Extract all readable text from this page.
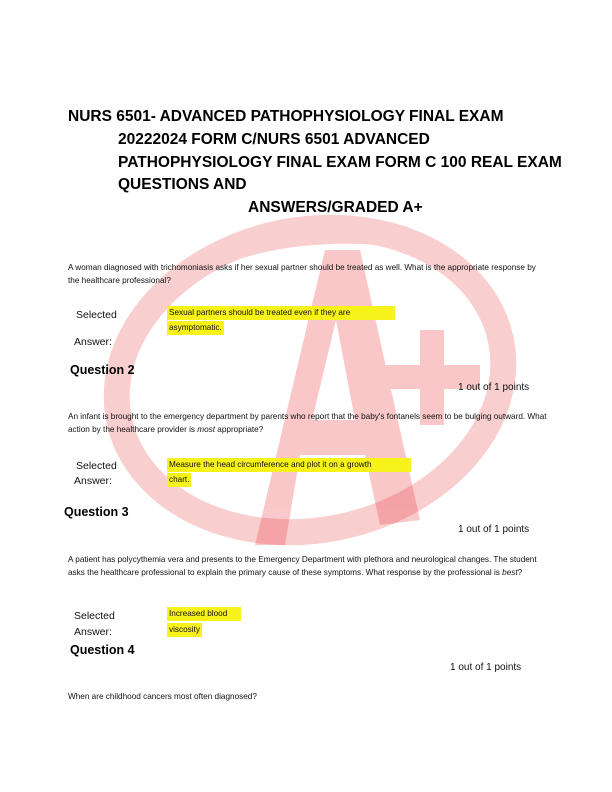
NURS 6501- ADVANCED PATHOPHYSIOLOGY FINAL EXAM
20222024 FORM C/NURS 6501 ADVANCED
PATHOPHYSIOLOGY FINAL EXAM FORM C 100 REAL EXAM
QUESTIONS AND
ANSWERS/GRADED A+
A woman diagnosed with trichomoniasis asks if her sexual partner should be treated as well. What is the appropriate response by the healthcare professional?
Selected
Answer:
Sexual partners should be treated even if they are
asymptomatic.
Question 2
1 out of 1 points
An infant is brought to the emergency department by parents who report that the baby's fontanels seem to be bulging outward. What action by the healthcare provider is most appropriate?
Selected
Answer:
Measure the head circumference and plot it on a growth
chart.
Question 3
1 out of 1 points
A patient has polycythemia vera and presents to the Emergency Department with plethora and neurological changes. The student asks the healthcare professional to explain the primary cause of these symptoms. What response by the professional is best?
Selected
Answer:
Increased blood
viscosity
Question 4
1 out of 1 points
When are childhood cancers most often diagnosed?
